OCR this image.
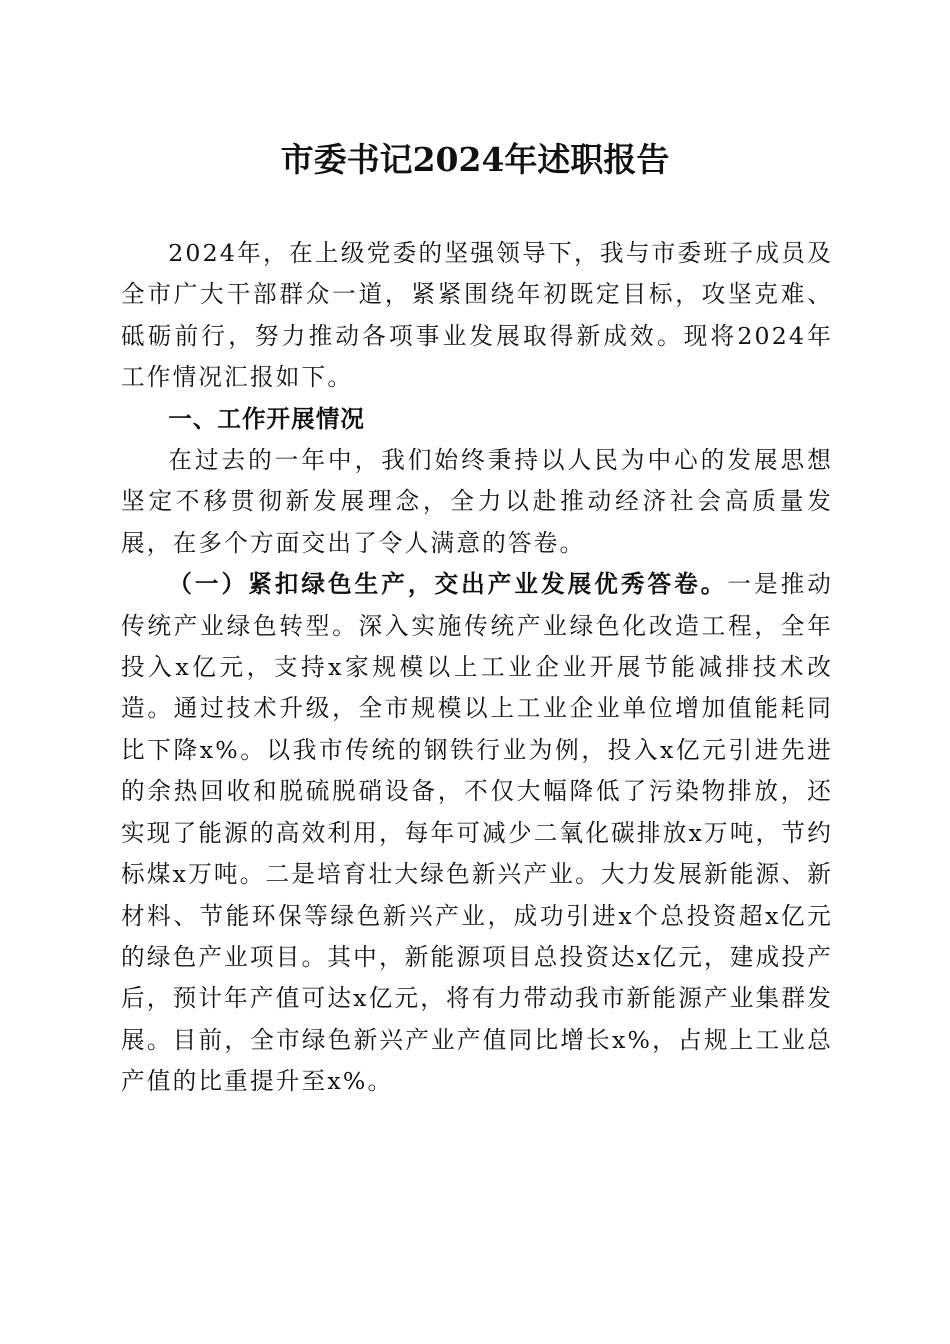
市委书记2024年述职报告

2024年，在上级党委的坚强领导下，我与市委班子成员及全市广大干部群众一道，紧紧围绕年初既定目标，攻坚克难、砥砺前行，努力推动各项事业发展取得新成效。现将2024年工作情况汇报如下。

一、工作开展情况

在过去的一年中，我们始终秉持以人民为中心的发展思想坚定不移贯彻新发展理念，全力以赴推动经济社会高质量发展，在多个方面交出了令人满意的答卷。

（一）紧扣绿色生产，交出产业发展优秀答卷。一是推动传统产业绿色转型。深入实施传统产业绿色化改造工程，全年投入x亿元，支持x家规模以上工业企业开展节能减排技术改造。通过技术升级，全市规模以上工业企业单位增加值能耗同比下降x%。以我市传统的钢铁行业为例，投入x亿元引进先进的余热回收和脱硫脱硝设备，不仅大幅降低了污染物排放，还实现了能源的高效利用，每年可减少二氧化碳排放x万吨，节约标煤x万吨。二是培育壮大绿色新兴产业。大力发展新能源、新材料、节能环保等绿色新兴产业，成功引进x个总投资超x亿元的绿色产业项目。其中，新能源项目总投资达x亿元，建成投产后，预计年产值可达x亿元，将有力带动我市新能源产业集群发展。目前，全市绿色新兴产业产值同比增长x%，占规上工业总产值的比重提升至x%。
